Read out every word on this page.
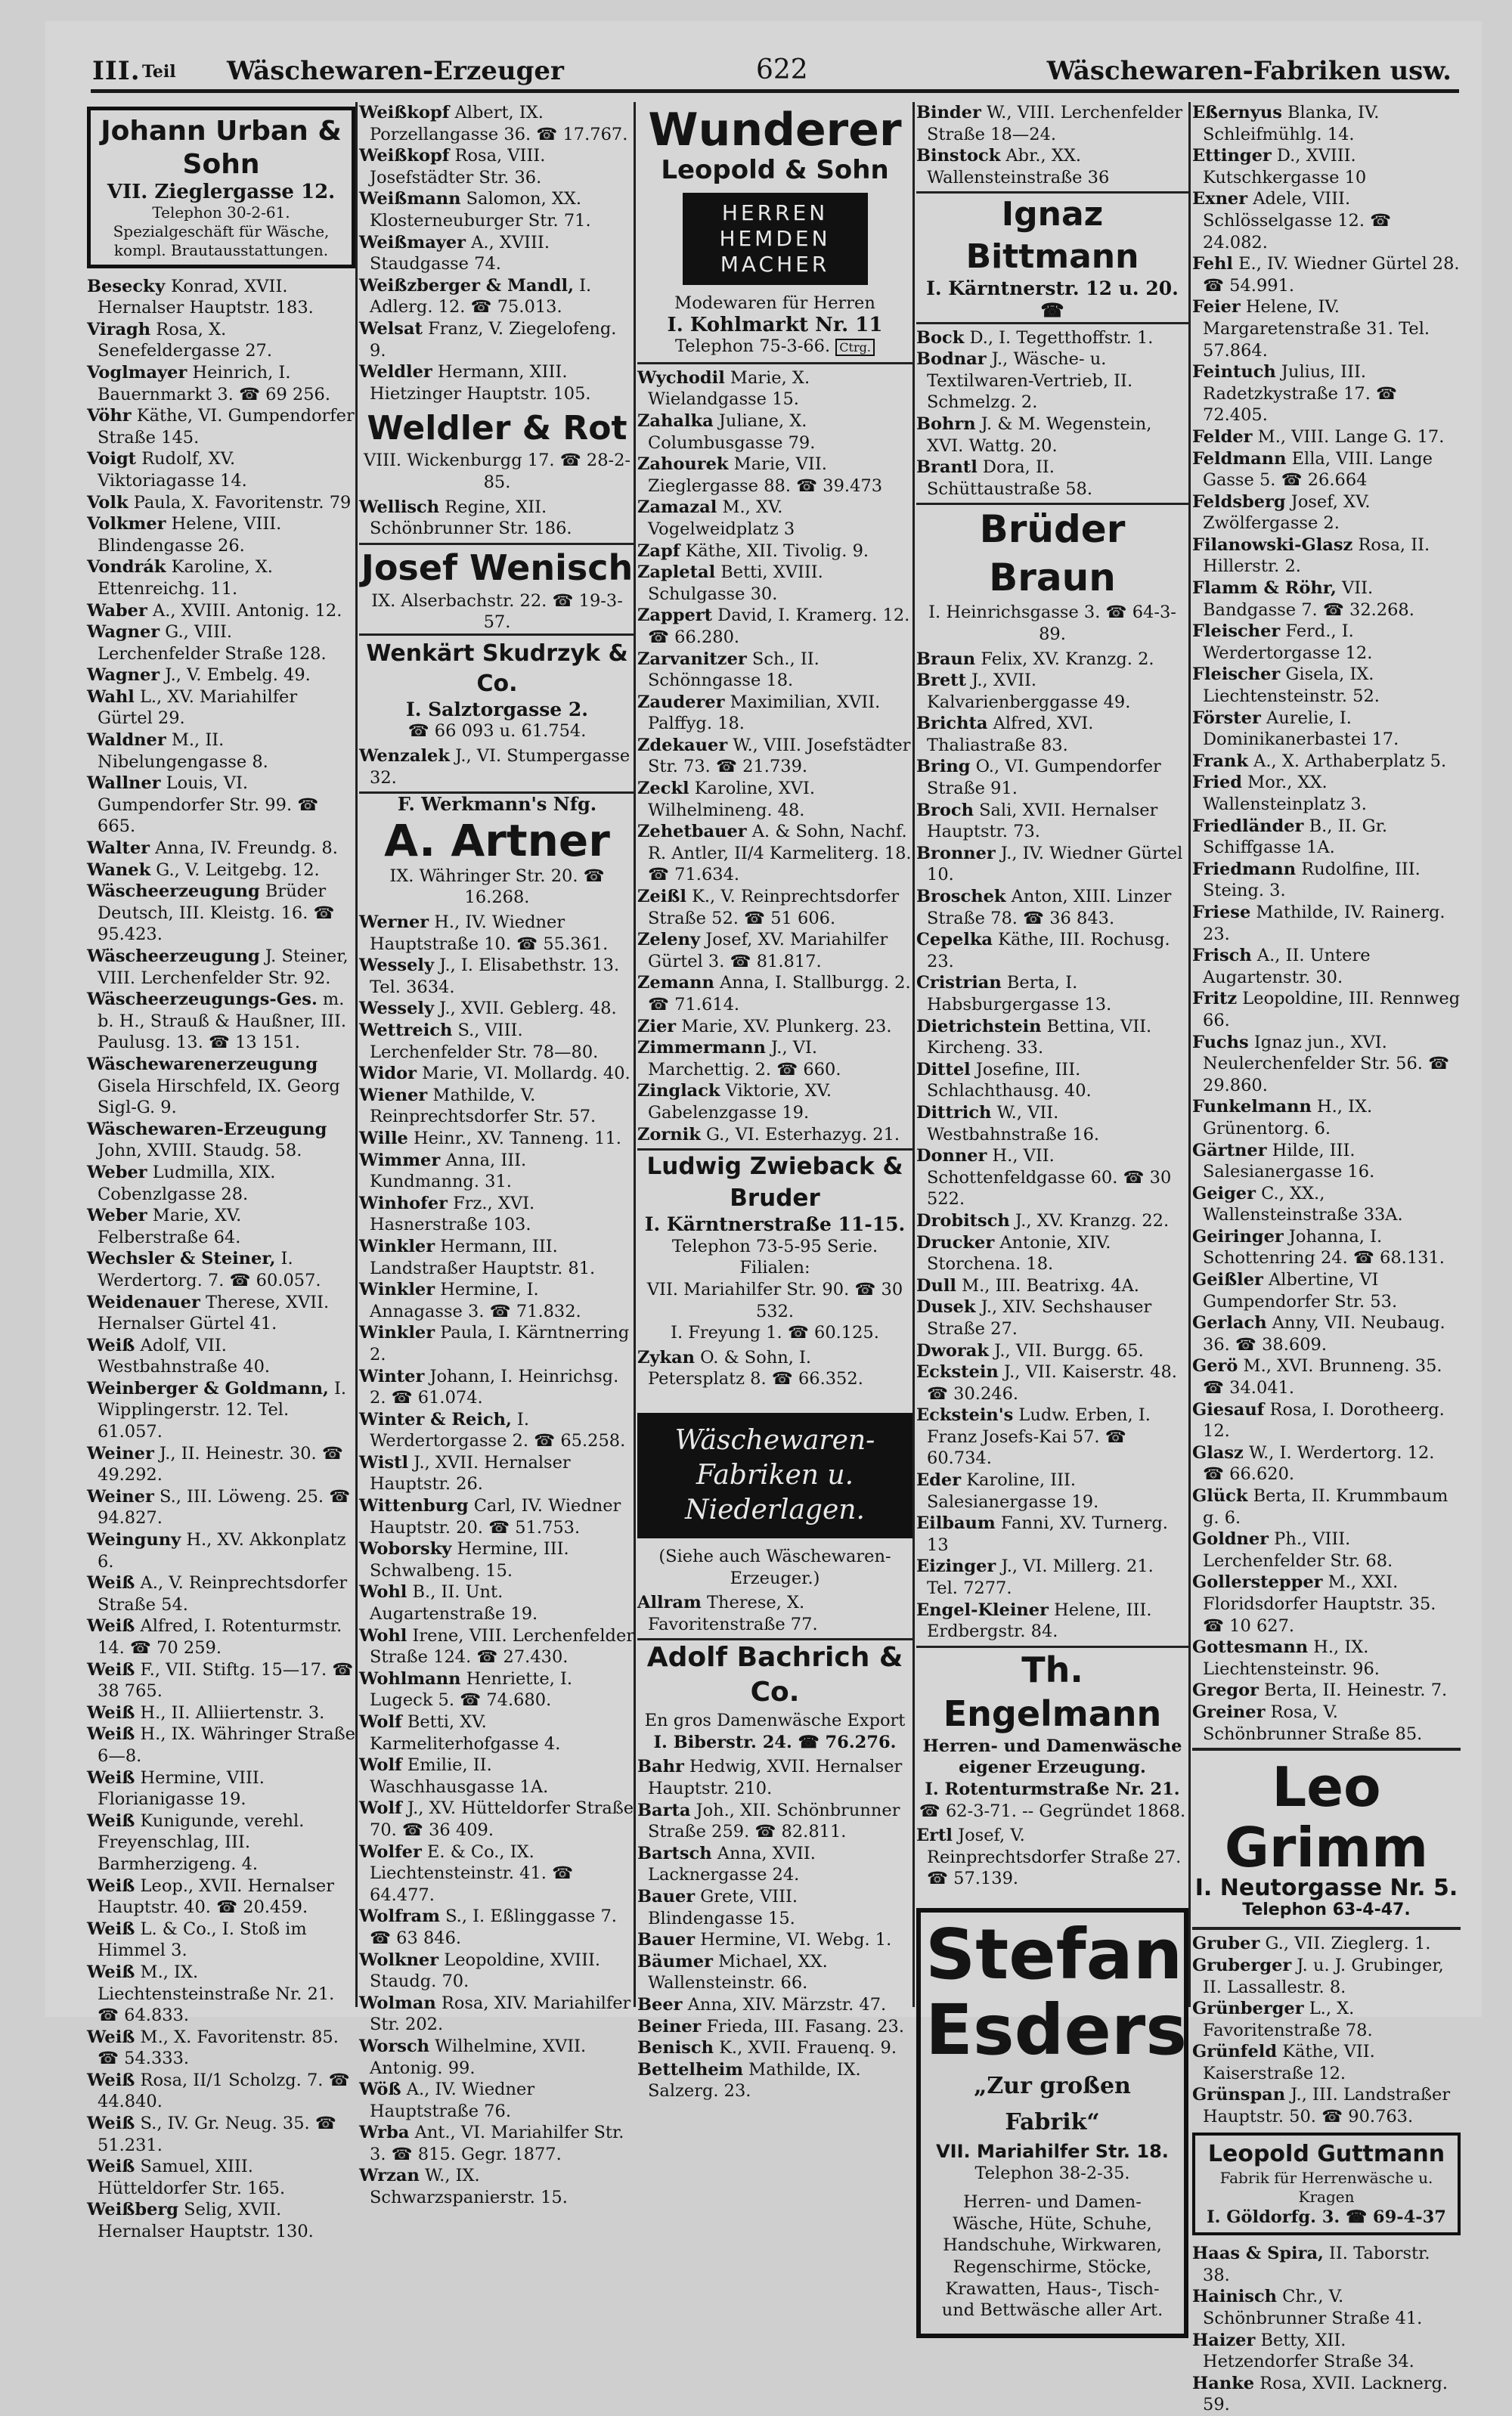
III. Teil Wäschewaren-Erzeuger	622	Wäschewaren-Fabriken usw.
Johann Urban & Sohn
VII. Zieglergasse 12.
Telephon 30-2-61.
Spezialgeschäft für Wäsche, kompl. Brautausstattungen.

Beseckу Konrad, XVII. Hernalser Hauptstr. 183.

Viragh Rosa, X. Senefeldergasse 27.

Voglmayer Heinrich, I. Bauernmarkt 3. ☎ 69 256.

Vöhr Käthe, VI. Gumpendorfer Straße 145.

Voigt Rudolf, XV. Viktoriagasse 14.

Volk Paula, X. Favoritenstr. 79

Volkmer Helene, VIII. Blindengasse 26.

Vondrák Karoline, X. Ettenreichg. 11.

Waber A., XVIII. Antonig. 12.

Wagner G., VIII. Lerchenfelder Straße 128.

Wagner J., V. Embelg. 49.

Wahl L., XV. Mariahilfer Gürtel 29.

Waldner M., II. Nibelungengasse 8.

Wallner Louis, VI. Gumpendorfer Str. 99. ☎ 665.

Walter Anna, IV. Freundg. 8.

Wanek G., V. Leitgebg. 12.

Wäscheerzeugung Brüder Deutsch, III. Kleistg. 16. ☎ 95.423.

Wäscheerzeugung J. Steiner, VIII. Lerchenfelder Str. 92.

Wäscheerzeugungs-Ges. m. b. H., Strauß & Haußner, III. Paulusg. 13. ☎ 13 151.

Wäschewarenerzeugung Gisela Hirschfeld, IX. Georg Sigl-G. 9.

Wäschewaren-Erzeugung John, XVIII. Staudg. 58.

Weber Ludmilla, XIX. Cobenzlgasse 28.

Weber Marie, XV. Felberstraße 64.

Wechsler & Steiner, I. Werdertorg. 7. ☎ 60.057.

Weidenauer Therese, XVII. Hernalser Gürtel 41.

Weiß Adolf, VII. Westbahnstraße 40.

Weinberger & Goldmann, I. Wipplingerstr. 12. Tel. 61.057.

Weiner J., II. Heinestr. 30. ☎ 49.292.

Weiner S., III. Löweng. 25. ☎ 94.827.

Weinguny H., XV. Akkonplatz 6.

Weiß A., V. Reinprechtsdorfer Straße 54.

Weiß Alfred, I. Rotenturmstr. 14. ☎ 70 259.

Weiß F., VII. Stiftg. 15—17. ☎ 38 765.

Weiß H., II. Alliiertenstr. 3.

Weiß H., IX. Währinger Straße 6—8.

Weiß Hermine, VIII. Florianigasse 19.

Weiß Kunigunde, verehl. Freyenschlag, III. Barmherzigeng. 4.

Weiß Leop., XVII. Hernalser Hauptstr. 40. ☎ 20.459.

Weiß L. & Co., I. Stoß im Himmel 3.

Weiß M., IX. Liechtensteinstraße Nr. 21. ☎ 64.833.

Weiß M., X. Favoritenstr. 85. ☎ 54.333.

Weiß Rosa, II/1 Scholzg. 7. ☎ 44.840.

Weiß S., IV. Gr. Neug. 35. ☎ 51.231.

Weiß Samuel, XIII. Hütteldorfer Str. 165.

Weißberg Selig, XVII. Hernalser Hauptstr. 130.

Weißkopf Albert, IX. Porzellangasse 36. ☎ 17.767.

Weißkopf Rosa, VIII. Josefstädter Str. 36.

Weißmann Salomon, XX. Klosterneuburger Str. 71.

Weißmayer A., XVIII. Staudgasse 74.

Weißzberger & Mandl, I. Adlerg. 12. ☎ 75.013.

Welsat Franz, V. Ziegelofeng. 9.

Weldler Hermann, XIII. Hietzinger Hauptstr. 105.

Weldler & Rot
VIII. Wickenburgg 17. ☎ 28-2-85.

Wellisch Regine, XII. Schönbrunner Str. 186.

Josef Wenisch
IX. Alserbachstr. 22. ☎ 19-3-57.
Wenkärt Skudrzyk & Co.
I. Salztorgasse 2.
☎ 66 093 u. 61.754.

Wenzalek J., VI. Stumpergasse 32.

F. Werkmann's Nfg.
A. Artner
IX. Währinger Str. 20. ☎ 16.268.

Werner H., IV. Wiedner Hauptstraße 10. ☎ 55.361.

Wessely J., I. Elisabethstr. 13. Tel. 3634.

Wessely J., XVII. Geblerg. 48.

Wettreich S., VIII. Lerchenfelder Str. 78—80.

Widor Marie, VI. Mollardg. 40.

Wiener Mathilde, V. Reinprechtsdorfer Str. 57.

Wille Heinr., XV. Tanneng. 11.

Wimmer Anna, III. Kundmanng. 31.

Winhofer Frz., XVI. Hasnerstraße 103.

Winkler Hermann, III. Landstraßer Hauptstr. 81.

Winkler Hermine, I. Annagasse 3. ☎ 71.832.

Winkler Paula, I. Kärntnerring 2.

Winter Johann, I. Heinrichsg. 2. ☎ 61.074.

Winter & Reich, I. Werdertorgasse 2. ☎ 65.258.

Wistl J., XVII. Hernalser Hauptstr. 26.

Wittenburg Carl, IV. Wiedner Hauptstr. 20. ☎ 51.753.

Woborsky Hermine, III. Schwalbeng. 15.

Wohl B., II. Unt. Augartenstraße 19.

Wohl Irene, VIII. Lerchenfelder Straße 124. ☎ 27.430.

Wohlmann Henriette, I. Lugeck 5. ☎ 74.680.

Wolf Betti, XV. Karmeliterhofgasse 4.

Wolf Emilie, II. Waschhausgasse 1A.

Wolf J., XV. Hütteldorfer Straße 70. ☎ 36 409.

Wolfer E. & Co., IX. Liechtensteinstr. 41. ☎ 64.477.

Wolfram S., I. Eßlinggasse 7. ☎ 63 846.

Wolkner Leopoldine, XVIII. Staudg. 70.

Wolman Rosa, XIV. Mariahilfer Str. 202.

Worsch Wilhelmine, XVII. Antonig. 99.

Wöß A., IV. Wiedner Hauptstraße 76.

Wrba Ant., VI. Mariahilfer Str. 3. ☎ 815. Gegr. 1877.

Wrzan W., IX. Schwarzspanierstr. 15.

Wunderer
Leopold & Sohn
HERREN HEMDEN MACHER
Modewaren für Herren
I. Kohlmarkt Nr. 11
Telephon 75-3-66. Ctrg.

Wychodil Marie, X. Wielandgasse 15.

Zahalka Juliane, X. Columbusgasse 79.

Zahourek Marie, VII. Zieglergasse 88. ☎ 39.473

Zamazal M., XV. Vogelweidplatz 3

Zapf Käthe, XII. Tivolig. 9.

Zapletal Betti, XVIII. Schulgasse 30.

Zappert David, I. Kramerg. 12. ☎ 66.280.

Zarvanitzer Sch., II. Schönngasse 18.

Zauderer Maximilian, XVII. Palffyg. 18.

Zdekauer W., VIII. Josefstädter Str. 73. ☎ 21.739.

Zeckl Karoline, XVI. Wilhelmineng. 48.

Zehetbauer A. & Sohn, Nachf. R. Antler, II/4 Karmeliterg. 18. ☎ 71.634.

Zeißl K., V. Reinprechtsdorfer Straße 52. ☎ 51 606.

Zeleny Josef, XV. Mariahilfer Gürtel 3. ☎ 81.817.

Zemann Anna, I. Stallburgg. 2. ☎ 71.614.

Zier Marie, XV. Plunkerg. 23.

Zimmermann J., VI. Marchettig. 2. ☎ 660.

Zinglack Viktorie, XV. Gabelenzgasse 19.

Zornik G., VI. Esterhazyg. 21.

Ludwig Zwieback & Bruder
I. Kärntnerstraße 11-15.
Telephon 73-5-95 Serie.
Filialen:
VII. Mariahilfer Str. 90. ☎ 30 532.
I. Freyung 1. ☎ 60.125.

Zykan O. & Sohn, I. Petersplatz 8. ☎ 66.352.

Wäschewaren-Fabriken u. Niederlagen.
(Siehe auch Wäschewaren-Erzeuger.)

Allram Therese, X. Favoritenstraße 77.

Adolf Bachrich & Co.
En gros Damenwäsche Export
I. Biberstr. 24. ☎ 76.276.

Bahr Hedwig, XVII. Hernalser Hauptstr. 210.

Barta Joh., XII. Schönbrunner Straße 259. ☎ 82.811.

Bartsch Anna, XVII. Lacknergasse 24.

Bauer Grete, VIII. Blindengasse 15.

Bauer Hermine, VI. Webg. 1.

Bäumer Michael, XX. Wallensteinstr. 66.

Beer Anna, XIV. Märzstr. 47.

Beiner Frieda, III. Fasang. 23.

Benisch K., XVII. Frauenq. 9.

Bettelheim Mathilde, IX. Salzerg. 23.

Binder W., VIII. Lerchenfelder Straße 18—24.

Binstock Abr., XX. Wallensteinstraße 36

Ignaz Bittmann
I. Kärntnerstr. 12 u. 20. ☎

Bock D., I. Tegetthoffstr. 1.

Bodnar J., Wäsche- u. Textilwaren-Vertrieb, II. Schmelzg. 2.

Bohrn J. & M. Wegenstein, XVI. Wattg. 20.

Brantl Dora, II. Schüttaustraße 58.

Brüder Braun
I. Heinrichsgasse 3. ☎ 64-3-89.

Braun Felix, XV. Kranzg. 2.

Brett J., XVII. Kalvarienberggasse 49.

Brichta Alfred, XVI. Thaliastraße 83.

Bring O., VI. Gumpendorfer Straße 91.

Broch Sali, XVII. Hernalser Hauptstr. 73.

Bronner J., IV. Wiedner Gürtel 10.

Broschek Anton, XIII. Linzer Straße 78. ☎ 36 843.

Cepelka Käthe, III. Rochusg. 23.

Cristrian Berta, I. Habsburgergasse 13.

Dietrichstein Bettina, VII. Kircheng. 33.

Dittel Josefine, III. Schlachthausg. 40.

Dittrich W., VII. Westbahnstraße 16.

Donner H., VII. Schottenfeldgasse 60. ☎ 30 522.

Drobitsch J., XV. Kranzg. 22.

Drucker Antonie, XIV. Storchena. 18.

Dull M., III. Beatrixg. 4A.

Dusek J., XIV. Sechshauser Straße 27.

Dworak J., VII. Burgg. 65.

Eckstein J., VII. Kaiserstr. 48. ☎ 30.246.

Eckstein's Ludw. Erben, I. Franz Josefs-Kai 57. ☎ 60.734.

Eder Karoline, III. Salesianergasse 19.

Eilbaum Fanni, XV. Turnerg. 13

Eizinger J., VI. Millerg. 21. Tel. 7277.

Engel-Kleiner Helene, III. Erdbergstr. 84.

Th. Engelmann
Herren- und Damenwäsche eigener Erzeugung.
I. Rotenturmstraße Nr. 21.
☎ 62-3-71. -- Gegründet 1868.

Ertl Josef, V. Reinprechtsdorfer Straße 27. ☎ 57.139.

Stefan
Esders
„Zur großen Fabrik“
VII. Mariahilfer Str. 18.
Telephon 38-2-35.
Herren- und Damen-Wäsche, Hüte, Schuhe, Handschuhe, Wirkwaren, Regenschirme, Stöcke, Krawatten, Haus-, Tisch- und Bettwäsche aller Art.

Eßernyus Blanka, IV. Schleifmühlg. 14.

Ettinger D., XVIII. Kutschkergasse 10

Exner Adele, VIII. Schlösselgasse 12. ☎ 24.082.

Fehl E., IV. Wiedner Gürtel 28. ☎ 54.991.

Feier Helene, IV. Margaretenstraße 31. Tel. 57.864.

Feintuch Julius, III. Radetzkystraße 17. ☎ 72.405.

Felder M., VIII. Lange G. 17.

Feldmann Ella, VIII. Lange Gasse 5. ☎ 26.664

Feldsberg Josef, XV. Zwölfergasse 2.

Filanowski-Glasz Rosa, II. Hillerstr. 2.

Flamm & Röhr, VII. Bandgasse 7. ☎ 32.268.

Fleischer Ferd., I. Werdertorgasse 12.

Fleischer Gisela, IX. Liechtensteinstr. 52.

Förster Aurelie, I. Dominikanerbastei 17.

Frank A., X. Arthaberplatz 5.

Fried Mor., XX. Wallensteinplatz 3.

Friedländer B., II. Gr. Schiffgasse 1A.

Friedmann Rudolfine, III. Steing. 3.

Friese Mathilde, IV. Rainerg. 23.

Frisch A., II. Untere Augartenstr. 30.

Fritz Leopoldine, III. Rennweg 66.

Fuchs Ignaz jun., XVI. Neulerchenfelder Str. 56. ☎ 29.860.

Funkelmann H., IX. Grünentorg. 6.

Gärtner Hilde, III. Salesianergasse 16.

Geiger C., XX., Wallensteinstraße 33A.

Geiringer Johanna, I. Schottenring 24. ☎ 68.131.

Geißler Albertine, VI Gumpendorfer Str. 53.

Gerlach Anny, VII. Neubaug. 36. ☎ 38.609.

Gerö M., XVI. Brunneng. 35. ☎ 34.041.

Giesauf Rosa, I. Dorotheerg. 12.

Glasz W., I. Werdertorg. 12. ☎ 66.620.

Glück Berta, II. Krummbaum g. 6.

Goldner Ph., VIII. Lerchenfelder Str. 68.

Gollerstepper M., XXI. Floridsdorfer Hauptstr. 35. ☎ 10 627.

Gottesmann H., IX. Liechtensteinstr. 96.

Gregor Berta, II. Heinestr. 7.

Greiner Rosa, V. Schönbrunner Straße 85.

Leo Grimm
I. Neutorgasse Nr. 5.
Telephon 63-4-47.

Gruber G., VII. Zieglerg. 1.

Gruberger J. u. J. Grubinger, II. Lassallestr. 8.

Grünberger L., X. Favoritenstraße 78.

Grünfeld Käthe, VII. Kaiserstraße 12.

Grünspan J., III. Landstraßer Hauptstr. 50. ☎ 90.763.

Leopold Guttmann
Fabrik für Herrenwäsche u. Kragen
I. Göldorfg. 3. ☎ 69-4-37

Haas & Spira, II. Taborstr. 38.

Hainisch Chr., V. Schönbrunner Straße 41.

Haizer Betty, XII. Hetzendorfer Straße 34.

Hanke Rosa, XVII. Lacknerg. 59.
